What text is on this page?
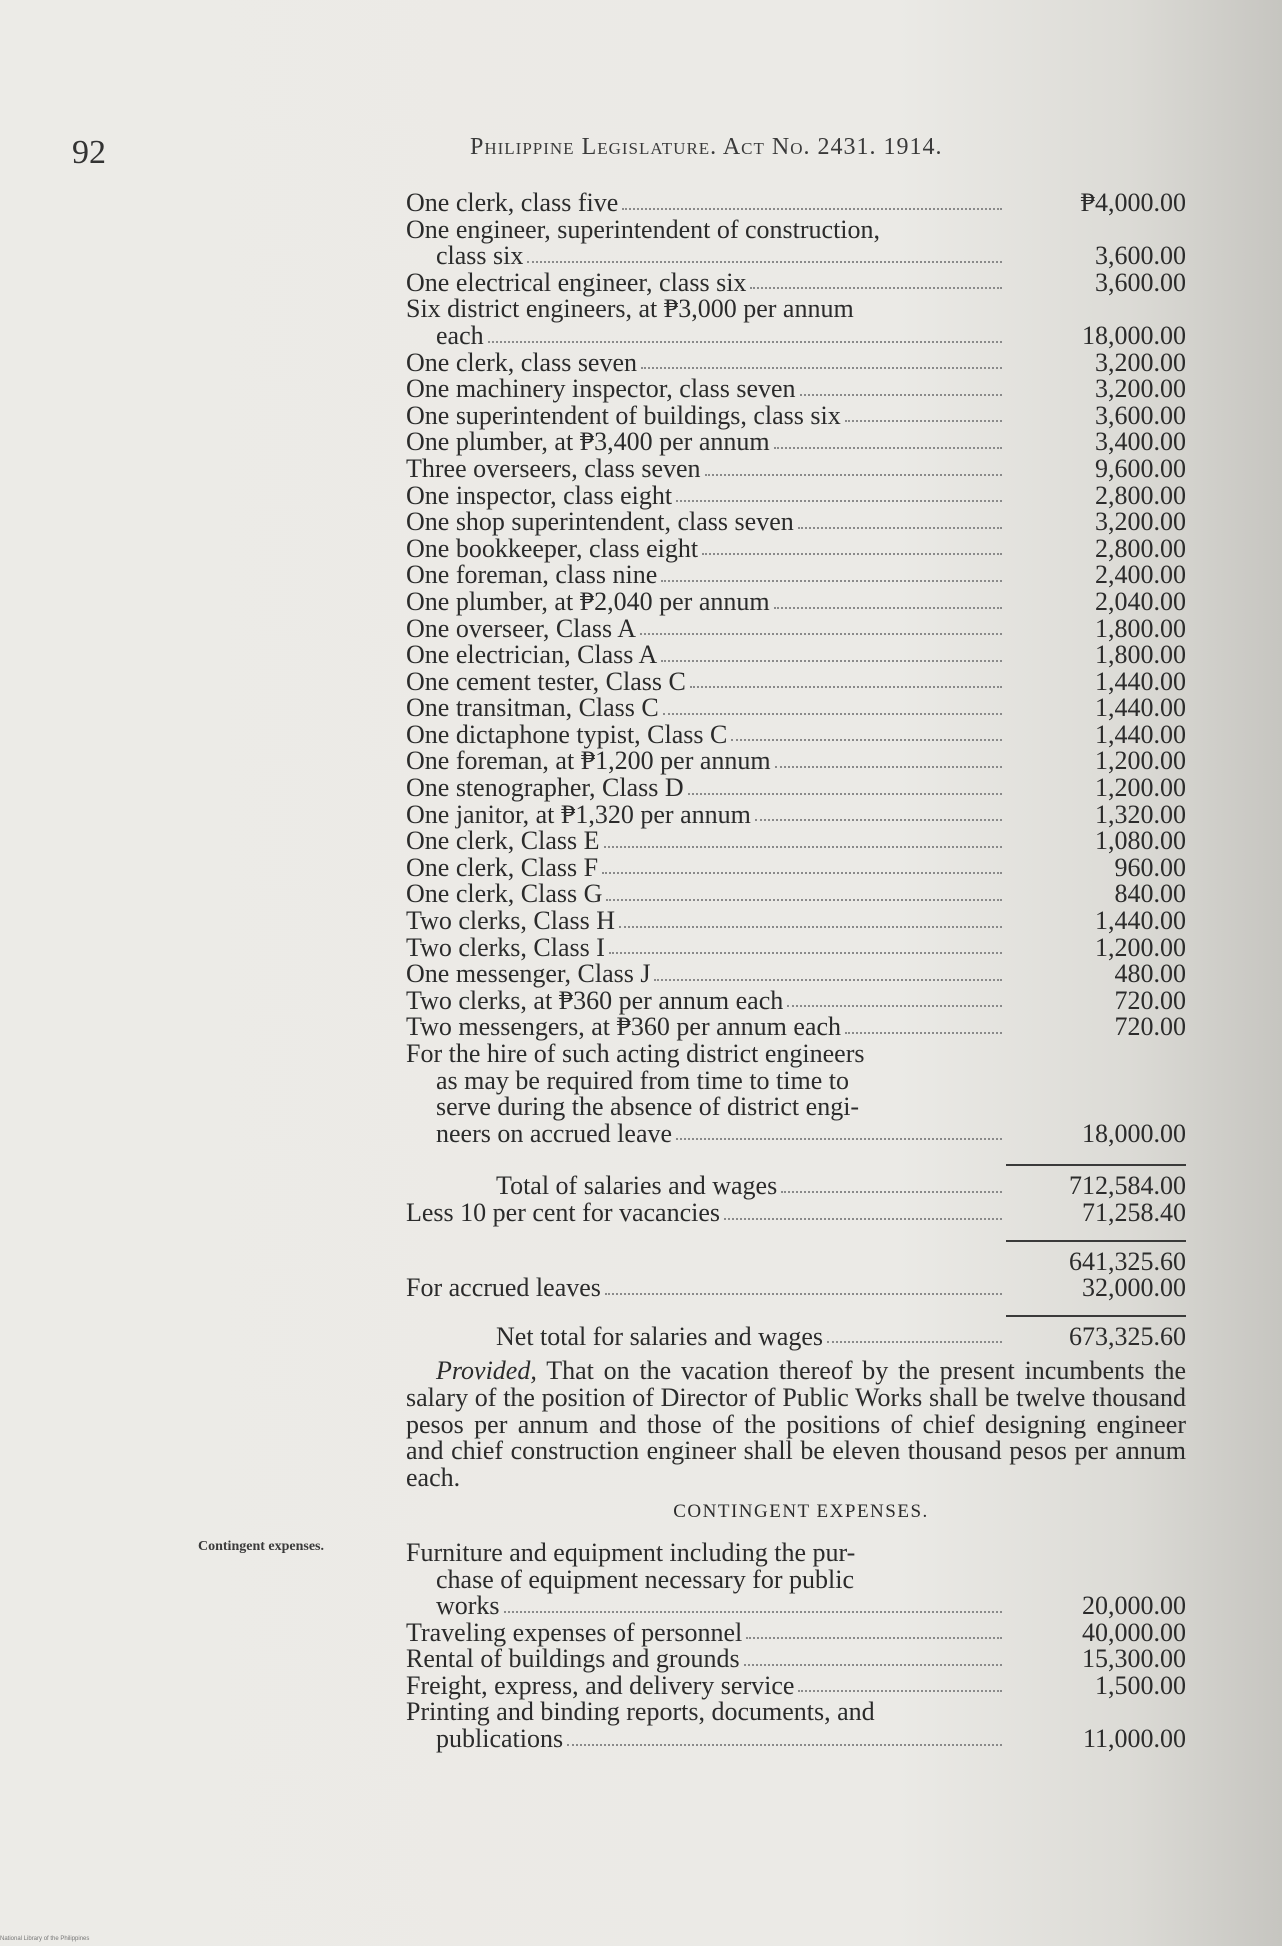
92	Philippine Legislature. Act No. 2431. 1914.
Contingent expenses.
One clerk, class five	₱4,000.00
One engineer, superintendent of construction,
class six	3,600.00
One electrical engineer, class six	3,600.00
Six district engineers, at ₱3,000 per annum
each	18,000.00
One clerk, class seven	3,200.00
One machinery inspector, class seven	3,200.00
One superintendent of buildings, class six	3,600.00
One plumber, at ₱3,400 per annum	3,400.00
Three overseers, class seven	9,600.00
One inspector, class eight	2,800.00
One shop superintendent, class seven	3,200.00
One bookkeeper, class eight	2,800.00
One foreman, class nine	2,400.00
One plumber, at ₱2,040 per annum	2,040.00
One overseer, Class A	1,800.00
One electrician, Class A	1,800.00
One cement tester, Class C	1,440.00
One transitman, Class C	1,440.00
One dictaphone typist, Class C	1,440.00
One foreman, at ₱1,200 per annum	1,200.00
One stenographer, Class D	1,200.00
One janitor, at ₱1,320 per annum	1,320.00
One clerk, Class E	1,080.00
One clerk, Class F	960.00
One clerk, Class G	840.00
Two clerks, Class H	1,440.00
Two clerks, Class I	1,200.00
One messenger, Class J	480.00
Two clerks, at ₱360 per annum each	720.00
Two messengers, at ₱360 per annum each	720.00
For the hire of such acting district engineers
as may be required from time to time to
serve during the absence of district engi-
neers on accrued leave	18,000.00
Total of salaries and wages	712,584.00
Less 10 per cent for vacancies	71,258.40
641,325.60
For accrued leaves	32,000.00
Net total for salaries and wages	673,325.60
Provided, That on the vacation thereof by the present incumbents the salary of the position of Director of Public Works shall be twelve thousand pesos per annum and those of the positions of chief designing engineer and chief construction engineer shall be eleven thousand pesos per annum each.
CONTINGENT EXPENSES.
Furniture and equipment including the pur-
chase of equipment necessary for public
works	20,000.00
Traveling expenses of personnel	40,000.00
Rental of buildings and grounds	15,300.00
Freight, express, and delivery service	1,500.00
Printing and binding reports, documents, and
publications	11,000.00
National Library of the Philippines
